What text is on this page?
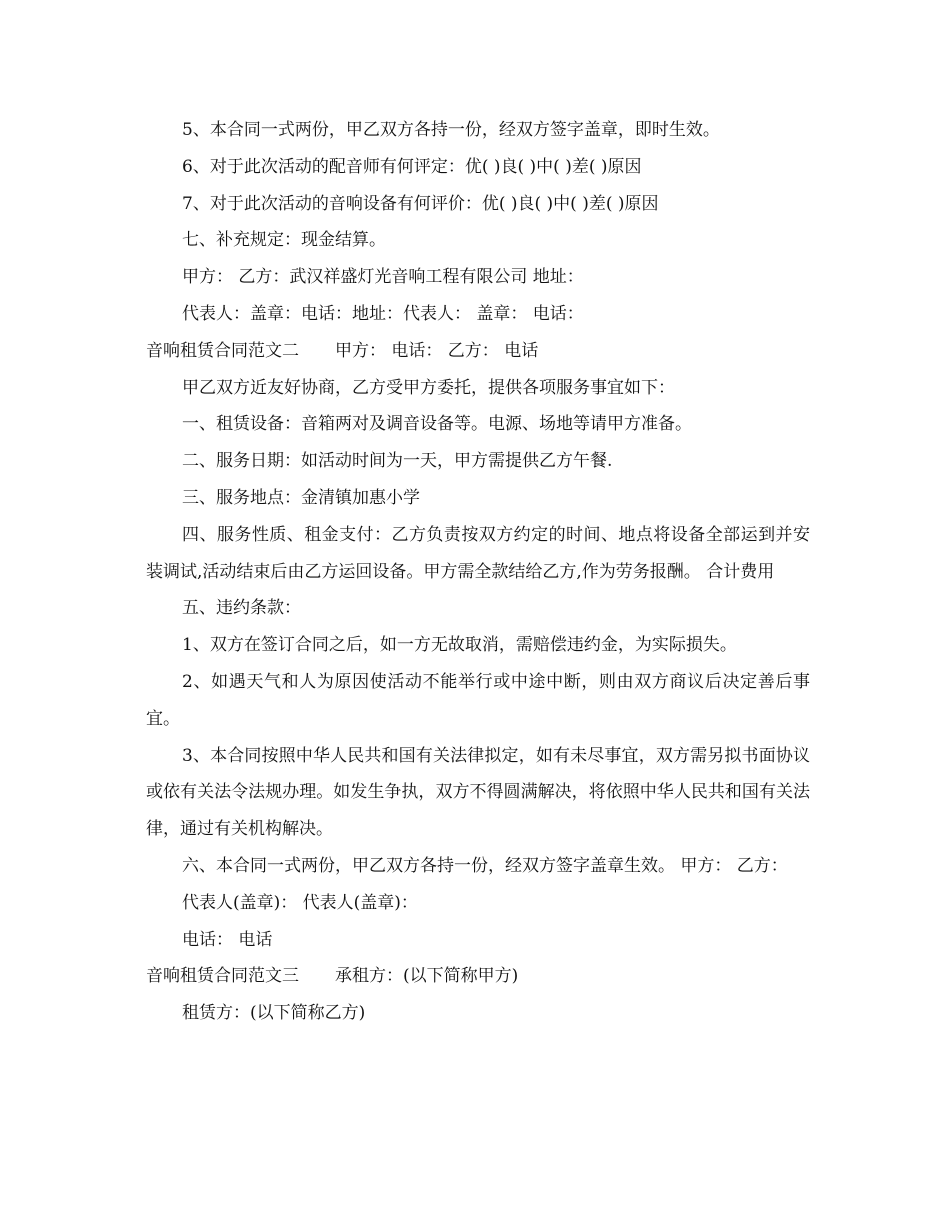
5、本合同一式两份，甲乙双方各持一份，经双方签字盖章，即时生效。

6、对于此次活动的配音师有何评定：优( )良( )中( )差( )原因

7、对于此次活动的音响设备有何评价：优( )良( )中( )差( )原因

七、补充规定：现金结算。

甲方： 乙方：武汉祥盛灯光音响工程有限公司 地址：

代表人：盖章：电话：地址：代表人： 盖章： 电话：

音响租赁合同范文二 甲方： 电话： 乙方： 电话

甲乙双方近友好协商，乙方受甲方委托，提供各项服务事宜如下：

一、租赁设备：音箱两对及调音设备等。电源、场地等请甲方准备。

二、服务日期：如活动时间为一天，甲方需提供乙方午餐.

三、服务地点：金清镇加惠小学

四、服务性质、租金支付：乙方负责按双方约定的时间、地点将设备全部运到并安装调试,活动结束后由乙方运回设备。甲方需全款结给乙方,作为劳务报酬。 合计费用

五、违约条款：

1、双方在签订合同之后，如一方无故取消，需赔偿违约金，为实际损失。

2、如遇天气和人为原因使活动不能举行或中途中断，则由双方商议后决定善后事宜。

3、本合同按照中华人民共和国有关法律拟定，如有未尽事宜，双方需另拟书面协议或依有关法令法规办理。如发生争执，双方不得圆满解决，将依照中华人民共和国有关法律，通过有关机构解决。

六、本合同一式两份，甲乙双方各持一份，经双方签字盖章生效。 甲方： 乙方：

代表人(盖章)： 代表人(盖章)：

电话： 电话

音响租赁合同范文三 承租方：(以下简称甲方)

租赁方：(以下简称乙方)
